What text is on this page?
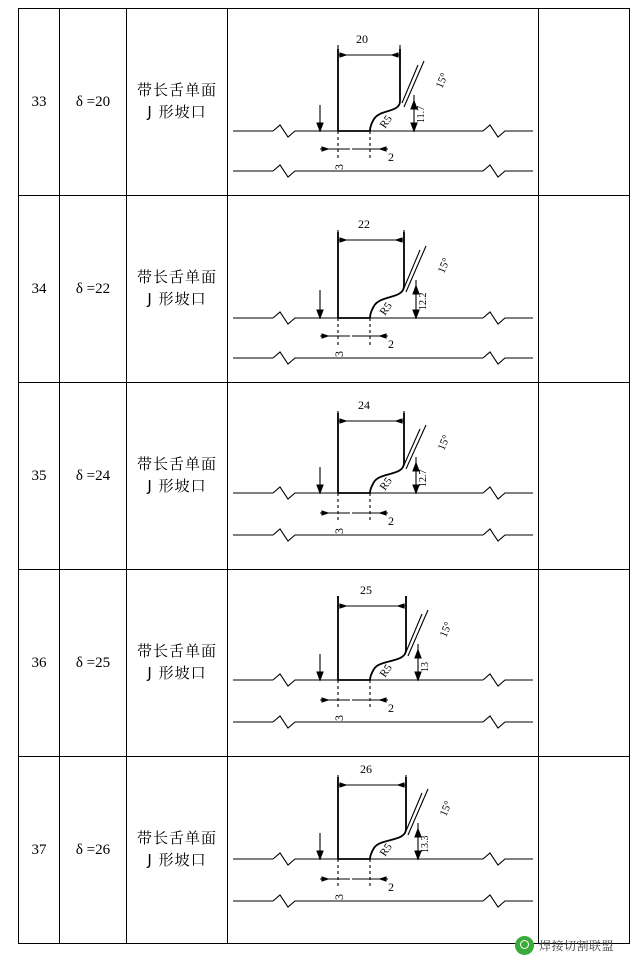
33	δ =20	
带长舌单面 J 形坡口

20
3
2
R5 11.7
15°

34	δ =22	
带长舌单面 J 形坡口

22
3
2
R5 12.2
15°

35	δ =24	
带长舌单面 J 形坡口

24
3
2
R5 12.7
15°

36	δ =25	
带长舌单面 J 形坡口

25
3
2
R5	13
15°

37	δ =26	
带长舌单面 J 形坡口

26
3
2
R5	13.3
15°

焊接切割联盟
